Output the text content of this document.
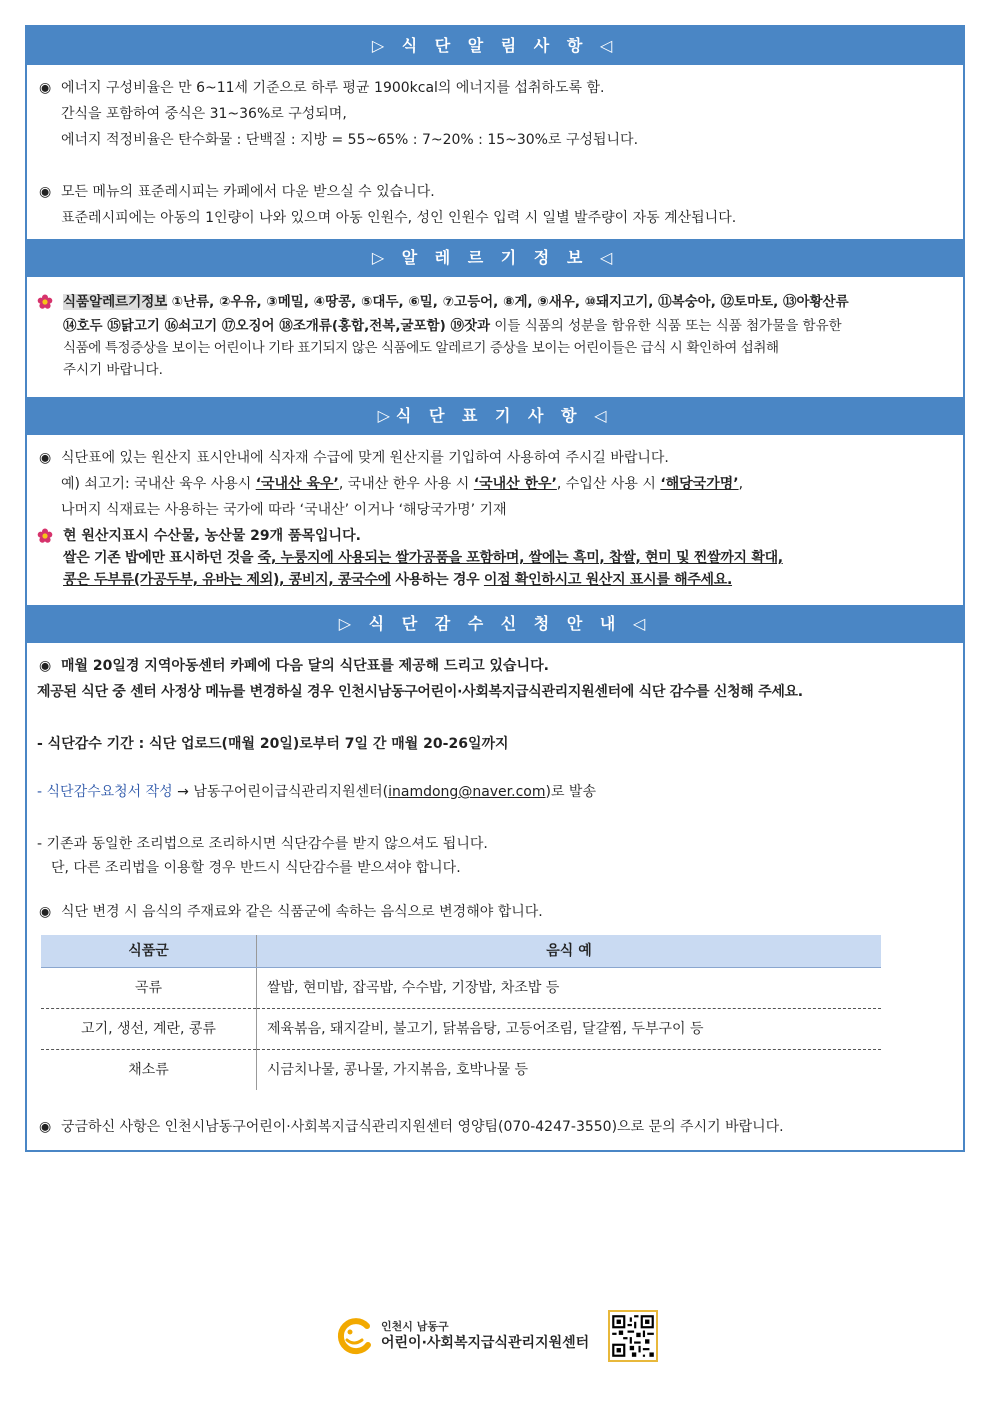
▷ 식 단 알 림 사 항 ◁
◉ 에너지 구성비율은 만 6~11세 기준으로 하루 평균 1900kcal의 에너지를 섭취하도록 함.
간식을 포함하여 중식은 31~36%로 구성되며,
에너지 적정비율은 탄수화물 : 단백질 : 지방 = 55~65% : 7~20% : 15~30%로 구성됩니다.
◉ 모든 메뉴의 표준레시피는 카페에서 다운 받으실 수 있습니다.
표준레시피에는 아동의 1인량이 나와 있으며 아동 인원수, 성인 인원수 입력 시 일별 발주량이 자동 계산됩니다.
▷ 알 레 르 기 정 보 ◁
식품알레르기정보 ①난류, ②우유, ③메밀, ④땅콩, ⑤대두, ⑥밀, ⑦고등어, ⑧게, ⑨새우, ⑩돼지고기, ⑪복숭아, ⑫토마토, ⑬아황산류
⑭호두 ⑮닭고기 ⑯쇠고기 ⑰오징어 ⑱조개류(홍합,전복,굴포함) ⑲잣과 이들 식품의 성분을 함유한 식품 또는 식품 첨가물을 함유한
식품에 특정증상을 보이는 어린이나 기타 표기되지 않은 식품에도 알레르기 증상을 보이는 어린이들은 급식 시 확인하여 섭취해
주시기 바랍니다.
▷식 단 표 기 사 항 ◁
◉ 식단표에 있는 원산지 표시안내에 식자재 수급에 맞게 원산지를 기입하여 사용하여 주시길 바랍니다.
예) 쇠고기: 국내산 육우 사용시 ‘국내산 육우’, 국내산 한우 사용 시 ‘국내산 한우’, 수입산 사용 시 ‘해당국가명’,
나머지 식재료는 사용하는 국가에 따라 ‘국내산’ 이거나 ‘해당국가명’ 기재
현 원산지표시 수산물, 농산물 29개 품목입니다.
쌀은 기존 밥에만 표시하던 것을 죽, 누룽지에 사용되는 쌀가공품을 포함하며, 쌀에는 흑미, 찹쌀, 현미 및 찐쌀까지 확대,
콩은 두부류(가공두부, 유바는 제외), 콩비지, 콩국수에 사용하는 경우 이점 확인하시고 원산지 표시를 해주세요.
▷ 식 단 감 수 신 청 안 내 ◁
◉ 매월 20일경 지역아동센터 카페에 다음 달의 식단표를 제공해 드리고 있습니다.
제공된 식단 중 센터 사정상 메뉴를 변경하실 경우 인천시남동구어린이·사회복지급식관리지원센터에 식단 감수를 신청해 주세요.
- 식단감수 기간 : 식단 업로드(매월 20일)로부터 7일 간 매월 20-26일까지
- 식단감수요청서 작성 → 남동구어린이급식관리지원센터(inamdong@naver.com)로 발송
- 기존과 동일한 조리법으로 조리하시면 식단감수를 받지 않으셔도 됩니다.
단, 다른 조리법을 이용할 경우 반드시 식단감수를 받으셔야 합니다.
◉ 식단 변경 시 음식의 주재료와 같은 식품군에 속하는 음식으로 변경해야 합니다.
식품군	음식 예
곡류	쌀밥, 현미밥, 잡곡밥, 수수밥, 기장밥, 차조밥 등
고기, 생선, 계란, 콩류	제육볶음, 돼지갈비, 불고기, 닭볶음탕, 고등어조림, 달걀찜, 두부구이 등
채소류	시금치나물, 콩나물, 가지볶음, 호박나물 등
◉ 궁금하신 사항은 인천시남동구어린이·사회복지급식관리지원센터 영양팀(070-4247-3550)으로 문의 주시기 바랍니다.
인천시 남동구
어린이·사회복지급식관리지원센터
